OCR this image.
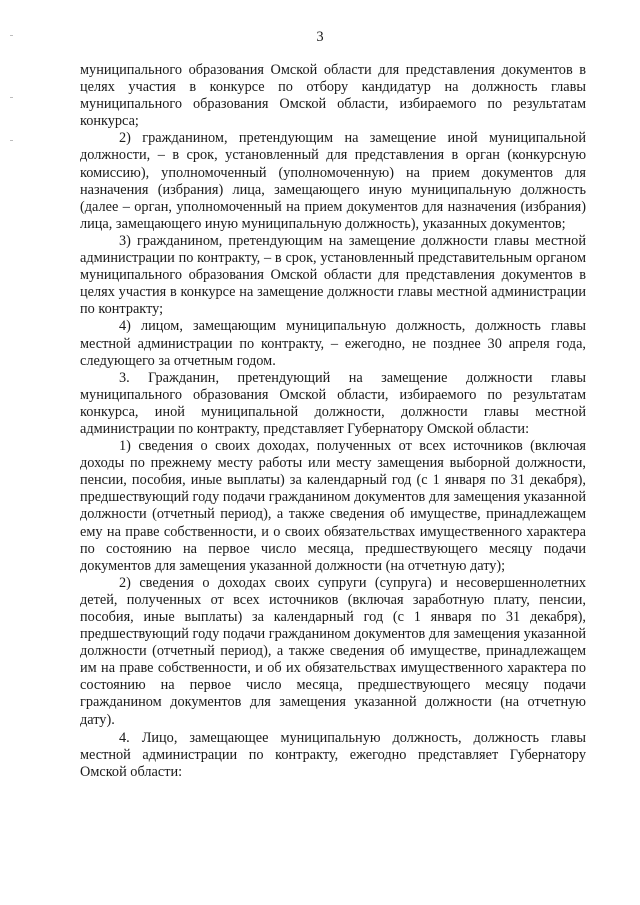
3

муниципального образования Омской области для представления документов в целях участия в конкурсе по отбору кандидатур на должность главы муниципального образования Омской области, избираемого по результатам конкурса;

2) гражданином, претендующим на замещение иной муниципальной должности, – в срок, установленный для представления в орган (конкурсную комиссию), уполномоченный (уполномоченную) на прием документов для назначения (избрания) лица, замещающего иную муниципальную должность (далее – орган, уполномоченный на прием документов для назначения (избрания) лица, замещающего иную муниципальную должность), указанных документов;

3) гражданином, претендующим на замещение должности главы местной администрации по контракту, – в срок, установленный представительным органом муниципального образования Омской области для представления документов в целях участия в конкурсе на замещение должности главы местной администрации по контракту;

4) лицом, замещающим муниципальную должность, должность главы местной администрации по контракту, – ежегодно, не позднее 30 апреля года, следующего за отчетным годом.

3. Гражданин, претендующий на замещение должности главы муниципального образования Омской области, избираемого по результатам конкурса, иной муниципальной должности, должности главы местной администрации по контракту, представляет Губернатору Омской области:

1) сведения о своих доходах, полученных от всех источников (включая доходы по прежнему месту работы или месту замещения выборной должности, пенсии, пособия, иные выплаты) за календарный год (с 1 января по 31 декабря), предшествующий году подачи гражданином документов для замещения указанной должности (отчетный период), а также сведения об имуществе, принадлежащем ему на праве собственности, и о своих обязательствах имущественного характера по состоянию на первое число месяца, предшествующего месяцу подачи документов для замещения указанной должности (на отчетную дату);

2) сведения о доходах своих супруги (супруга) и несовершеннолетних детей, полученных от всех источников (включая заработную плату, пенсии, пособия, иные выплаты) за календарный год (с 1 января по 31 декабря), предшествующий году подачи гражданином документов для замещения указанной должности (отчетный период), а также сведения об имуществе, принадлежащем им на праве собственности, и об их обязательствах имущественного характера по состоянию на первое число месяца, предшествующего месяцу подачи гражданином документов для замещения указанной должности (на отчетную дату).

4. Лицо, замещающее муниципальную должность, должность главы местной администрации по контракту, ежегодно представляет Губернатору Омской области:
